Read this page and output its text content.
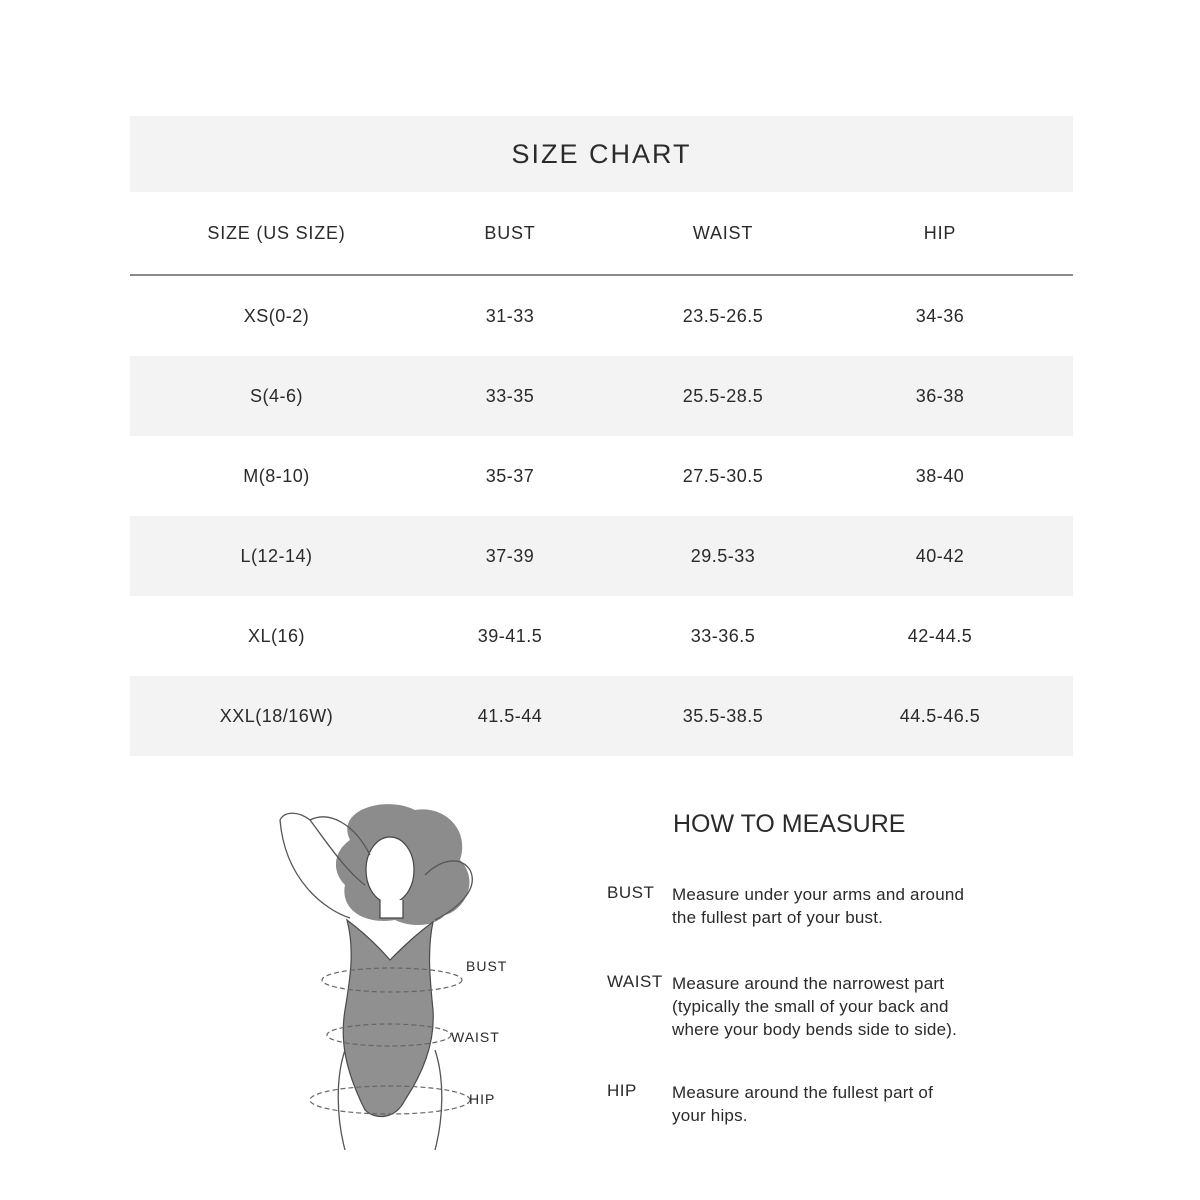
SIZE CHART
SIZE (US SIZE)	BUST	WAIST	HIP
XS(0-2)	31-33	23.5-26.5	34-36
S(4-6)	33-35	25.5-28.5	36-38
M(8-10)	35-37	27.5-30.5	38-40
L(12-14)	37-39	29.5-33	40-42
XL(16)	39-41.5	33-36.5	42-44.5
XXL(18/16W)	41.5-44	35.5-38.5	44.5-46.5
BUST
WAIST
HIP
HOW TO MEASURE
BUST Measure under your arms and around
the fullest part of your bust.
WAIST Measure around the narrowest part
(typically the small of your back and
where your body bends side to side).
HIP Measure around the fullest part of
your hips.
